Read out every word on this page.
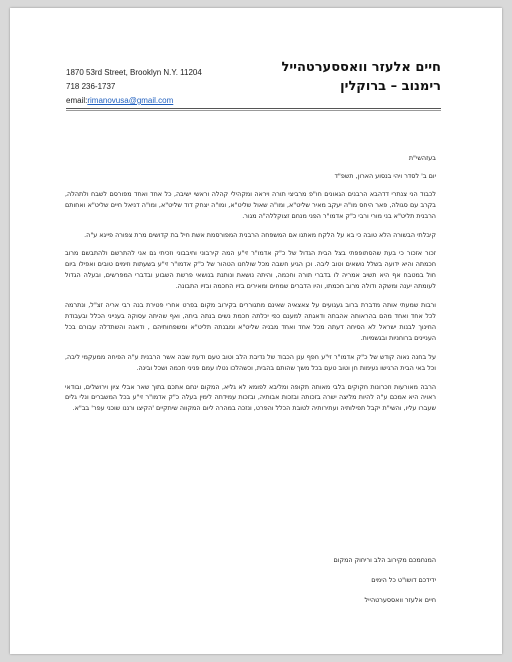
1870 53rd Street, Brooklyn N.Y. 11204
718 236-1737
email:rimanovusa@gmail.com
חיים אלעזר וואססערטהייל
רימנוב – ברוקלין

בעזהשי"ת

יום ב' לסדר ויהי בנסוע הארון, תשפ"ד

לכבוד הני צנתרי דדהבא הרבנים הגאונים חו"פ מרביצי תורה ויראה ומקהילי קהלה וראשי ישיבה, כל אחד ואחד מפורסם לשבח ולתהלה, בקרב עם סגולה, פאר היחס מו"ה יעקב מאיר שליט"א, ומו"ה שאול שליט"א, ומו"ה יצחק דוד שליט"א, ומו"ה דניאל חיים שליט"א ואחותם הרבנית תליט"א בני מורי ורבי כ"ק אדמו"ר הפני מנחם זצוקללה"ה מגור.

קיבלתי הבשורה הלא טובה כי בא על הלקח מאתנו אם המשפחה הרבנית המפורסמת אשת חיל בת קדושים מרת צפורה פייגא ע"ה.

זכור אזכור כי בעת שהסתופפתי בצל הבית הגדול של כ"ק אדמו"ר זי"ע המה קירבוני וחיבבוני וזכיתי גם אני להתרשם ולהתבשם מרוב חכמתה והיא ידועה בשלל נושאים וטוב ליבה. וכן הגיע חשבה מכל שולחנו הטהור של כ"ק אדמו"ר זי"ע בשעתות וזימים טובים ואפילו ביום חול במטבח אף היא תשיב אמריה לו בדברי תורה וחכמה, והיתה נושאת ונותנת בנושאי פרשת השבוע ובדברי המפרשים, ובעלה הגדול לעומתה יענה ומשקה ודולה מרוב חכמתו, והיו הדברים שמחים ומאירים בזיו החכמה ובזיו התבונה.

ורבות שמעתי אותה מדברת ברוב געגועים על צאצאיה שאינם מתגוררים בקירוב מקום בפרט אחרי פטירת בנה רבי אריה זצ"ל, ונתרמה לכל אחד ואחד מהם בהראותה אהבתה ודאגתה למענם כפי יכלתה חכמת נשים בנתה ביתה, ואף שהיתה עסוקה בענייני הכלל ובעבודת החינוך לבנות ישראל לא הסיחה דעתה מכל אחד ואחד מבניה שליט"א ומבנתה תליט"א ומשפחותיהם , ודאגה והשתדלה עבורם בכל העניינים ברוחניות ובגשמיות.

על בחנה נאוה קודש של כ"ק אדמו"ר זי"ע חפף ענן הכבוד של נדיבת הלב וטוב טעם ודעת שבה אשר הרבנית ע"ה הפיחה ממעקמי ליבה, וכל באי הבית הרגישו נעימות חן וטוב טעם בכל משך שהותם בהבית, וכשהלכו נטלו עמם פניני חכמה ושכל ובינה.

הרבה מאורעות וזכרונות חקוקים בלבי מאותה תקופה ומליבא לפומא לא גליא, המקום ינחם אתכם בתוך שאר אבלי ציון וירושלים, ובודאי ראויה היא אמכם ע"ה להיות מליצה ישרה בזכותה ובזכות אבותיה, ובזכות עמידתה לימין בעלה כ"ק אדמו"ר זי"ע בכל המשברים ונלי גלים שעברו עליו, והשי"ת יקבל תפילותיה ועתירותיה לטובת הכלל והפרט, ונזכה במהרה ליום המקווה שיתקיים 'הקיצו ורננו שוכני עפר' בב"א.

המנחמכם מקירוב הלב וריחוק המקום
ידידכם דושו"ט כל הימים
חיים אלעזר וואססערטהייל
